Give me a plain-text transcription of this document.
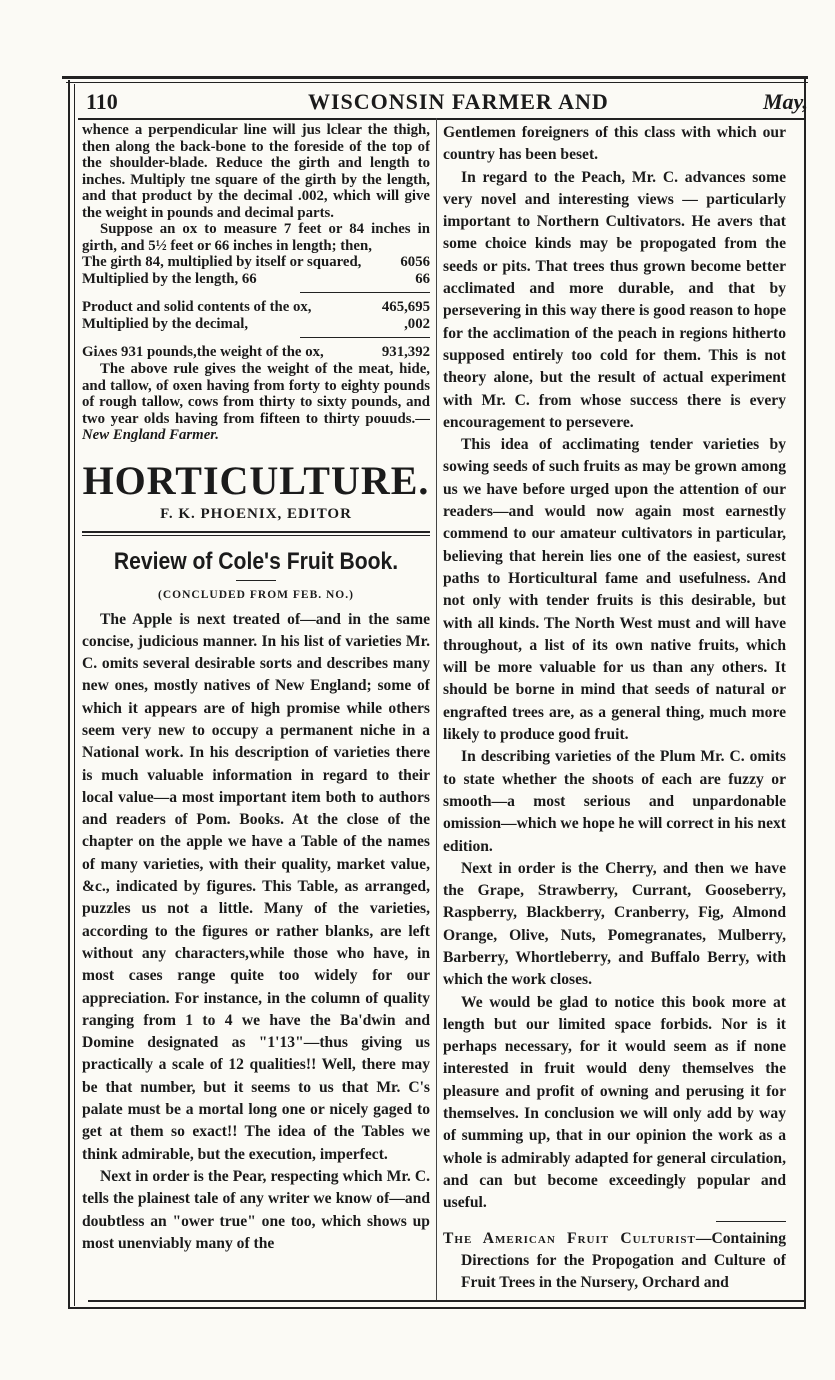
110	WISCONSIN FARMER AND	May,

whence a perpendicular line will jus lclear the thigh, then along the back-bone to the foreside of the top of the shoulder-blade. Reduce the girth and length to inches. Multiply tne square of the girth by the length, and that product by the decimal .002, which will give the weight in pounds and decimal parts.

Suppose an ox to measure 7 feet or 84 inches in girth, and 5½ feet or 66 inches in length; then,

The girth 84, multiplied by itself or squared,	6056
Multiplied by the length, 66	66
Product and solid contents of the ox,	465,695
Multiplied by the decimal,	,002
Giʌes 931 pounds,the weight of the ox,	931,392

The above rule gives the weight of the meat, hide, and tallow, of oxen having from forty to eighty pounds of rough tallow, cows from thirty to sixty pounds, and two year olds having from fifteen to thirty pouuds.—New England Farmer.

HORTICULTURE.
F. K. PHOENIX, EDITOR
Review of Cole's Fruit Book.
(CONCLUDED FROM FEB. NO.)

The Apple is next treated of—and in the same concise, judicious manner. In his list of varieties Mr. C. omits several desirable sorts and describes many new ones, mostly natives of New England; some of which it appears are of high promise while others seem very new to occupy a permanent niche in a National work. In his description of varieties there is much valuable information in regard to their local value—a most important item both to authors and readers of Pom. Books. At the close of the chapter on the apple we have a Table of the names of many varieties, with their quality, market value, &c., indicated by figures. This Table, as arranged, puzzles us not a little. Many of the varieties, according to the figures or rather blanks, are left without any characters,while those who have, in most cases range quite too widely for our appreciation. For instance, in the column of quality ranging from 1 to 4 we have the Ba'dwin and Domine designated as "1'13"—thus giving us practically a scale of 12 qualities!! Well, there may be that number, but it seems to us that Mr. C's palate must be a mortal long one or nicely gaged to get at them so exact!! The idea of the Tables we think admirable, but the execution, imperfect.

Next in order is the Pear, respecting which Mr. C. tells the plainest tale of any writer we know of—and doubtless an "ower true" one too, which shows up most unenviably many of the

Gentlemen foreigners of this class with which our country has been beset.

In regard to the Peach, Mr. C. advances some very novel and interesting views — particularly important to Northern Cultivators. He avers that some choice kinds may be propogated from the seeds or pits. That trees thus grown become better acclimated and more durable, and that by persevering in this way there is good reason to hope for the acclimation of the peach in regions hitherto supposed entirely too cold for them. This is not theory alone, but the result of actual experiment with Mr. C. from whose success there is every encouragement to persevere.

This idea of acclimating tender varieties by sowing seeds of such fruits as may be grown among us we have before urged upon the attention of our readers—and would now again most earnestly commend to our amateur cultivators in particular, believing that herein lies one of the easiest, surest paths to Horticultural fame and usefulness. And not only with tender fruits is this desirable, but with all kinds. The North West must and will have throughout, a list of its own native fruits, which will be more valuable for us than any others. It should be borne in mind that seeds of natural or engrafted trees are, as a general thing, much more likely to produce good fruit.

In describing varieties of the Plum Mr. C. omits to state whether the shoots of each are fuzzy or smooth—a most serious and unpardonable omission—which we hope he will correct in his next edition.

Next in order is the Cherry, and then we have the Grape, Strawberry, Currant, Gooseberry, Raspberry, Blackberry, Cranberry, Fig, Almond Orange, Olive, Nuts, Pomegranates, Mulberry, Barberry, Whortleberry, and Buffalo Berry, with which the work closes.

We would be glad to notice this book more at length but our limited space forbids. Nor is it perhaps necessary, for it would seem as if none interested in fruit would deny themselves the pleasure and profit of owning and perusing it for themselves. In conclusion we will only add by way of summing up, that in our opinion the work as a whole is admirably adapted for general circulation, and can but become exceedingly popular and useful.

The American Fruit Culturist—Containing Directions for the Propogation and Culture of Fruit Trees in the Nursery, Orchard and
